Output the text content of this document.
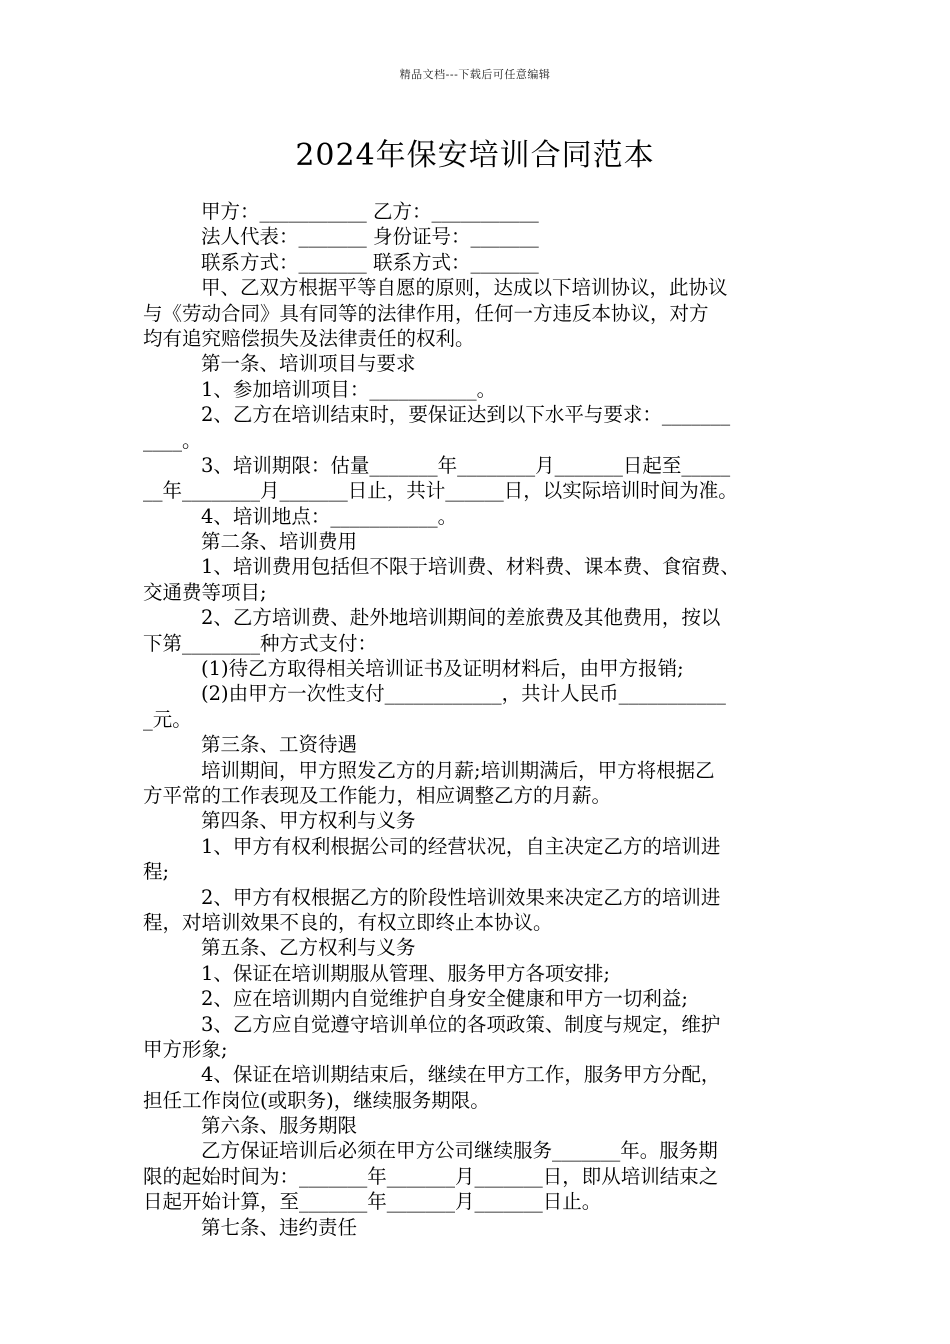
精品文档---下载后可任意编辑
2024年保安培训合同范本
甲方：___________ 乙方：___________
法人代表：_______ 身份证号：_______
联系方式：_______ 联系方式：_______
甲、乙双方根据平等自愿的原则，达成以下培训协议，此协议
与《劳动合同》具有同等的法律作用，任何一方违反本协议，对方
均有追究赔偿损失及法律责任的权利。
第一条、培训项目与要求
1、参加培训项目：___________。
2、乙方在培训结束时，要保证达到以下水平与要求：_______
____。
3、培训期限：估量_______年________月_______日起至_____
__年________月_______日止，共计______日，以实际培训时间为准。
4、培训地点：___________。
第二条、培训费用
1、培训费用包括但不限于培训费、材料费、课本费、食宿费、
交通费等项目;
2、乙方培训费、赴外地培训期间的差旅费及其他费用，按以
下第________种方式支付：
(1)待乙方取得相关培训证书及证明材料后，由甲方报销;
(2)由甲方一次性支付____________，共计人民币___________
_元。
第三条、工资待遇
培训期间，甲方照发乙方的月薪;培训期满后，甲方将根据乙
方平常的工作表现及工作能力，相应调整乙方的月薪。
第四条、甲方权利与义务
1、甲方有权利根据公司的经营状况，自主决定乙方的培训进
程;
2、甲方有权根据乙方的阶段性培训效果来决定乙方的培训进
程，对培训效果不良的，有权立即终止本协议。
第五条、乙方权利与义务
1、保证在培训期服从管理、服务甲方各项安排;
2、应在培训期内自觉维护自身安全健康和甲方一切利益;
3、乙方应自觉遵守培训单位的各项政策、制度与规定，维护
甲方形象;
4、保证在培训期结束后，继续在甲方工作，服务甲方分配，
担任工作岗位(或职务)，继续服务期限。
第六条、服务期限
乙方保证培训后必须在甲方公司继续服务_______年。服务期
限的起始时间为：_______年_______月_______日，即从培训结束之
日起开始计算，至_______年_______月_______日止。
第七条、违约责任
